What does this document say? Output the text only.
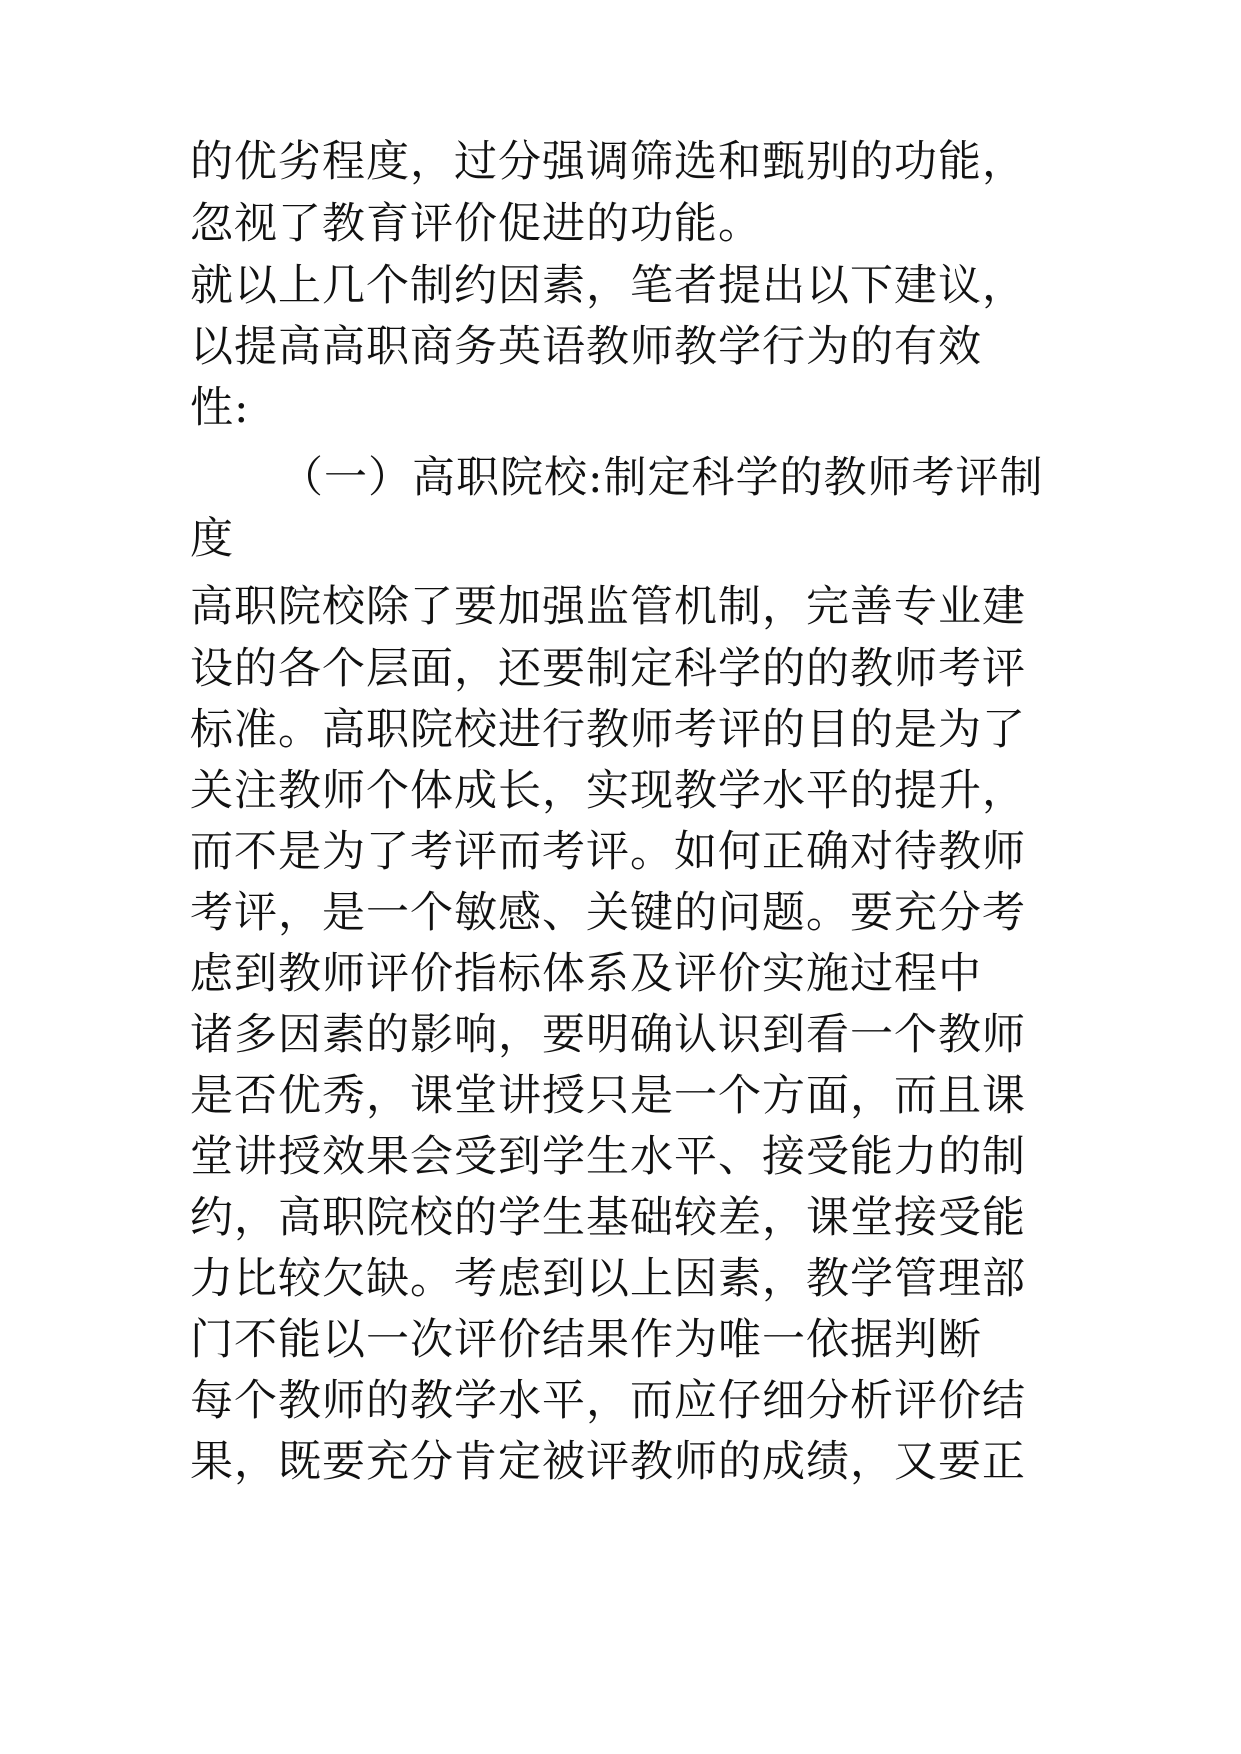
的优劣程度，过分强调筛选和甄别的功能，
忽视了教育评价促进的功能。
就以上几个制约因素，笔者提出以下建议，
以提高高职商务英语教师教学行为的有效
性:
（一）高职院校:制定科学的教师考评制
度
高职院校除了要加强监管机制，完善专业建
设的各个层面，还要制定科学的的教师考评
标准。高职院校进行教师考评的目的是为了
关注教师个体成长，实现教学水平的提升，
而不是为了考评而考评。如何正确对待教师
考评，是一个敏感、关键的问题。要充分考
虑到教师评价指标体系及评价实施过程中
诸多因素的影响，要明确认识到看一个教师
是否优秀，课堂讲授只是一个方面，而且课
堂讲授效果会受到学生水平、接受能力的制
约，高职院校的学生基础较差，课堂接受能
力比较欠缺。考虑到以上因素，教学管理部
门不能以一次评价结果作为唯一依据判断
每个教师的教学水平，而应仔细分析评价结
果，既要充分肯定被评教师的成绩，又要正
